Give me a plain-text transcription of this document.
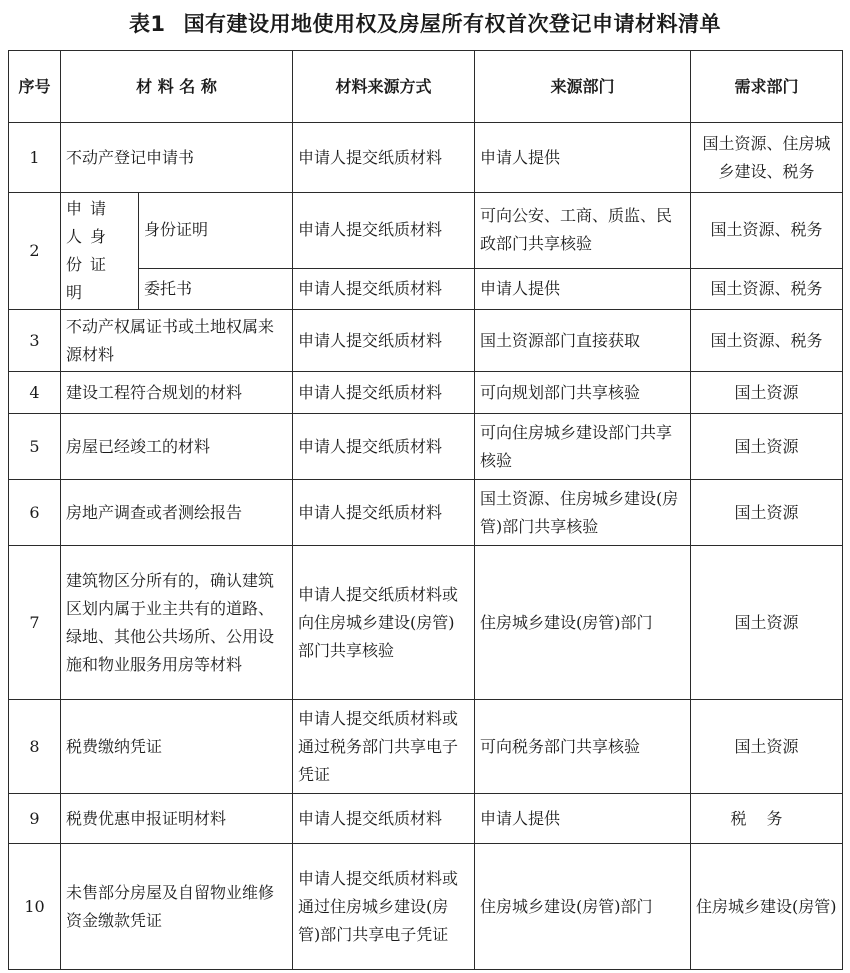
表1 国有建设用地使用权及房屋所有权首次登记申请材料清单
序号	材 料 名 称		材料来源方式	来源部门	需求部门
1	不动产登记申请书		申请人提交纸质材料	申请人提供	国土资源、住房城乡建设、税务
2	申请人身份证明	身份证明	申请人提交纸质材料	可向公安、工商、质监、民政部门共享核验	国土资源、税务
		委托书	申请人提交纸质材料	申请人提供	国土资源、税务
3	不动产权属证书或土地权属来源材料		申请人提交纸质材料	国土资源部门直接获取	国土资源、税务
4	建设工程符合规划的材料		申请人提交纸质材料	可向规划部门共享核验	国土资源
5	房屋已经竣工的材料		申请人提交纸质材料	可向住房城乡建设部门共享核验	国土资源
6	房地产调查或者测绘报告		申请人提交纸质材料	国土资源、住房城乡建设(房管)部门共享核验	国土资源
7	建筑物区分所有的，确认建筑区划内属于业主共有的道路、绿地、其他公共场所、公用设施和物业服务用房等材料		申请人提交纸质材料或向住房城乡建设(房管)部门共享核验	住房城乡建设(房管)部门	国土资源
8	税费缴纳凭证		申请人提交纸质材料或通过税务部门共享电子凭证	可向税务部门共享核验	国土资源
9	税费优惠申报证明材料		申请人提交纸质材料	申请人提供	税务
10	未售部分房屋及自留物业维修资金缴款凭证		申请人提交纸质材料或通过住房城乡建设(房管)部门共享电子凭证	住房城乡建设(房管)部门	住房城乡建设(房管)
